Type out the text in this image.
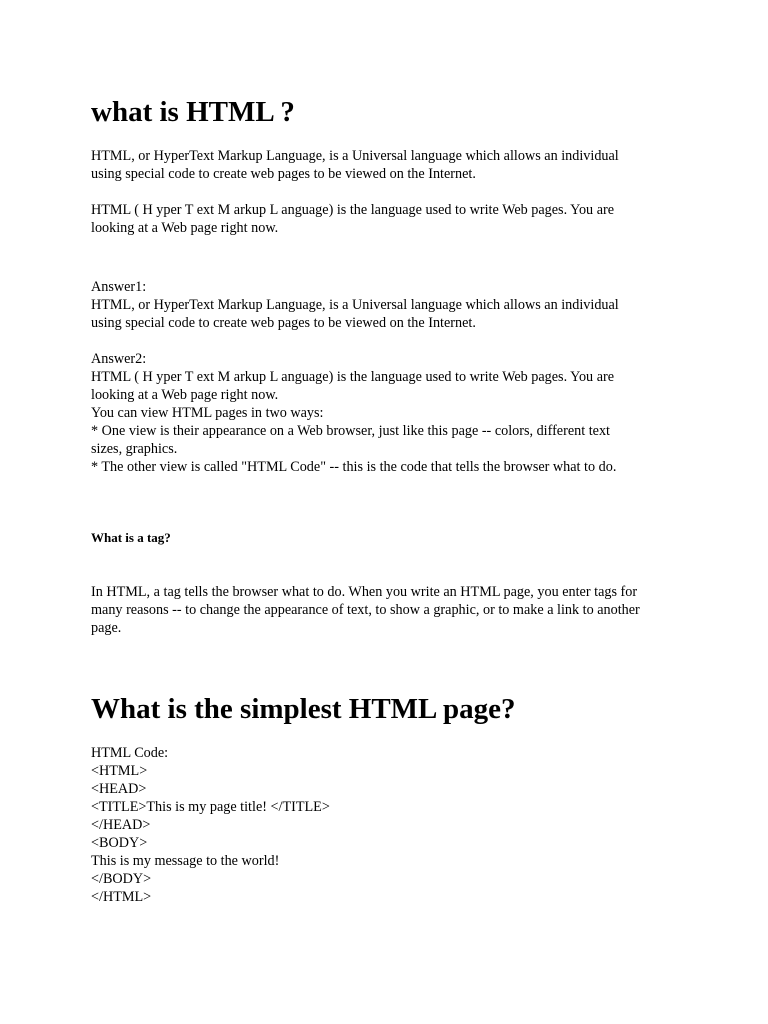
what is HTML ?

HTML, or HyperText Markup Language, is a Universal language which allows an individual

using special code to create web pages to be viewed on the Internet.

HTML ( H yper T ext M arkup L anguage) is the language used to write Web pages. You are

looking at a Web page right now.

Answer1:

HTML, or HyperText Markup Language, is a Universal language which allows an individual

using special code to create web pages to be viewed on the Internet.

Answer2:

HTML ( H yper T ext M arkup L anguage) is the language used to write Web pages. You are

looking at a Web page right now.

You can view HTML pages in two ways:

* One view is their appearance on a Web browser, just like this page -- colors, different text

sizes, graphics.

* The other view is called "HTML Code" -- this is the code that tells the browser what to do.

What is a tag?

In HTML, a tag tells the browser what to do. When you write an HTML page, you enter tags for

many reasons -- to change the appearance of text, to show a graphic, or to make a link to another

page.

What is the simplest HTML page?

HTML Code:

<HTML>

<HEAD>

<TITLE>This is my page title! </TITLE>

</HEAD>

<BODY>

This is my message to the world!

</BODY>

</HTML>
